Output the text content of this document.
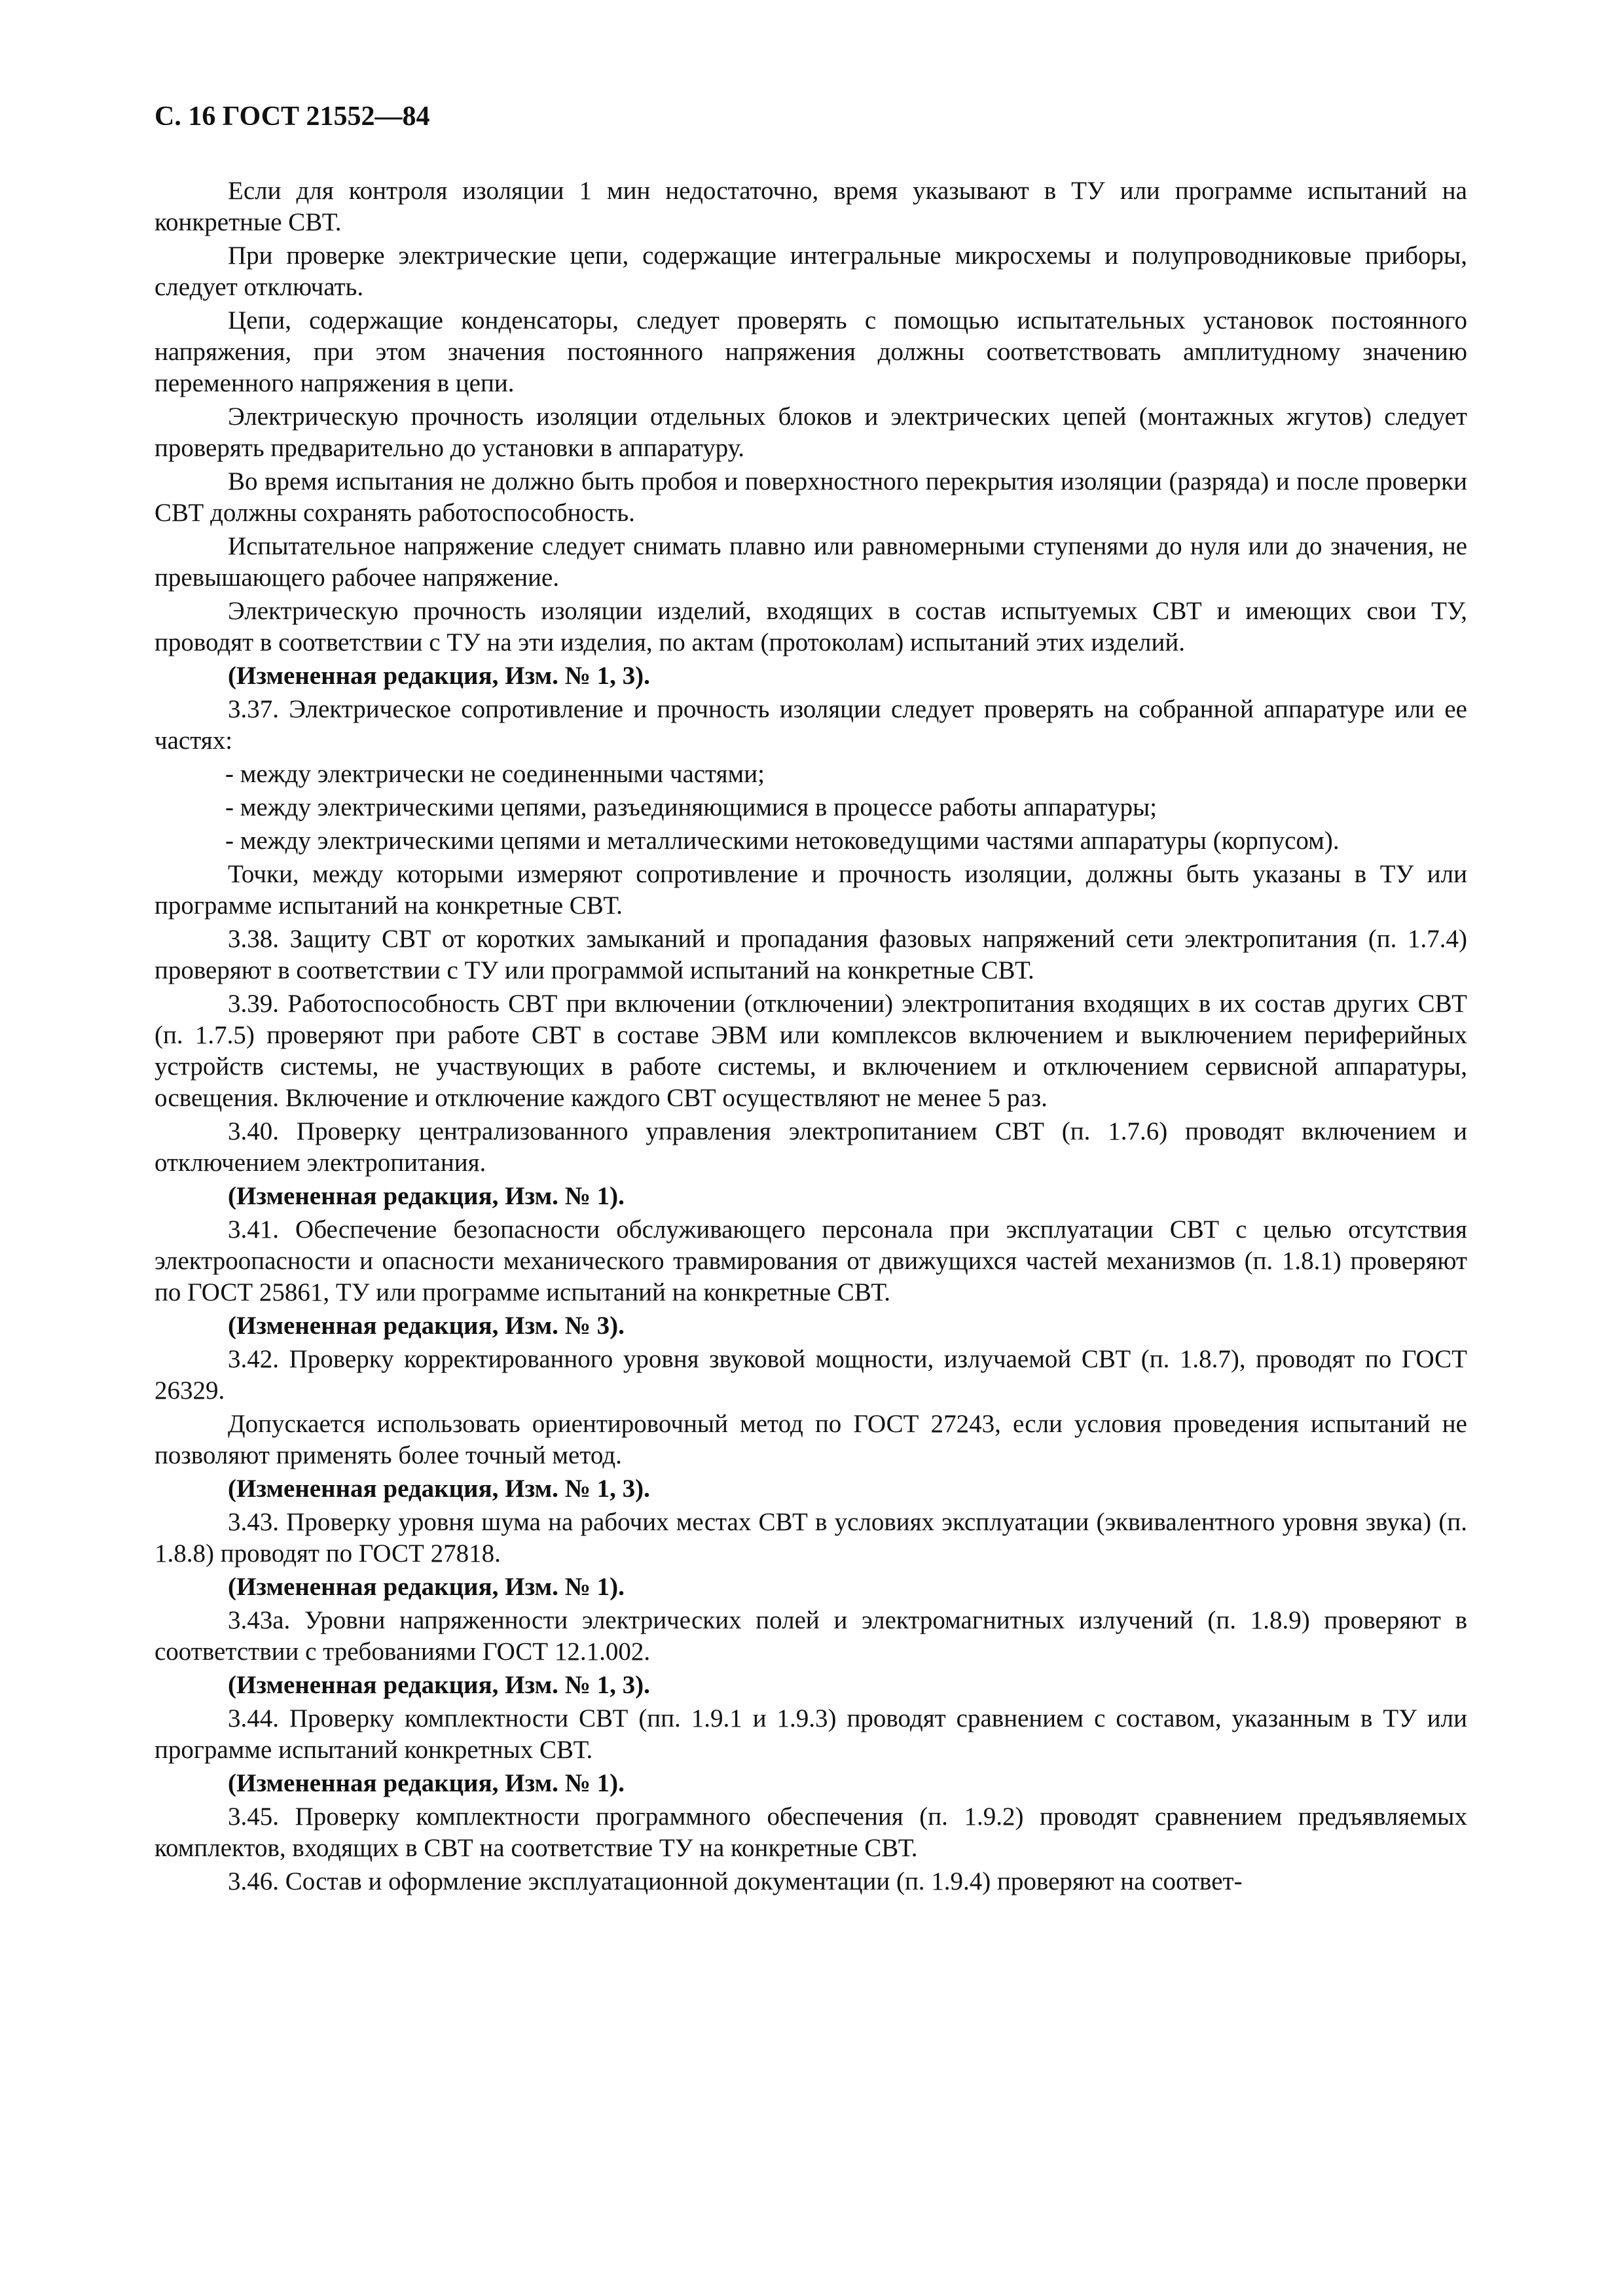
С. 16 ГОСТ 21552—84

Если для контроля изоляции 1 мин недостаточно, время указывают в ТУ или программе испытаний на конкретные СВТ.

При проверке электрические цепи, содержащие интегральные микросхемы и полупроводниковые приборы, следует отключать.

Цепи, содержащие конденсаторы, следует проверять с помощью испытательных установок постоянного напряжения, при этом значения постоянного напряжения должны соответствовать амплитудному значению переменного напряжения в цепи.

Электрическую прочность изоляции отдельных блоков и электрических цепей (монтажных жгутов) следует проверять предварительно до установки в аппаратуру.

Во время испытания не должно быть пробоя и поверхностного перекрытия изоляции (разряда) и после проверки СВТ должны сохранять работоспособность.

Испытательное напряжение следует снимать плавно или равномерными ступенями до нуля или до значения, не превышающего рабочее напряжение.

Электрическую прочность изоляции изделий, входящих в состав испытуемых СВТ и имеющих свои ТУ, проводят в соответствии с ТУ на эти изделия, по актам (протоколам) испытаний этих изделий.

(Измененная редакция, Изм. № 1, 3).

3.37. Электрическое сопротивление и прочность изоляции следует проверять на собранной аппаратуре или ее частях:

- между электрически не соединенными частями;

- между электрическими цепями, разъединяющимися в процессе работы аппаратуры;

- между электрическими цепями и металлическими нетоковедущими частями аппаратуры (корпусом).

Точки, между которыми измеряют сопротивление и прочность изоляции, должны быть указаны в ТУ или программе испытаний на конкретные СВТ.

3.38. Защиту СВТ от коротких замыканий и пропадания фазовых напряжений сети электропитания (п. 1.7.4) проверяют в соответствии с ТУ или программой испытаний на конкретные СВТ.

3.39. Работоспособность СВТ при включении (отключении) электропитания входящих в их состав других СВТ (п. 1.7.5) проверяют при работе СВТ в составе ЭВМ или комплексов включением и выключением периферийных устройств системы, не участвующих в работе системы, и включением и отключением сервисной аппаратуры, освещения. Включение и отключение каждого СВТ осуществляют не менее 5 раз.

3.40. Проверку централизованного управления электропитанием СВТ (п. 1.7.6) проводят включением и отключением электропитания.

(Измененная редакция, Изм. № 1).

3.41. Обеспечение безопасности обслуживающего персонала при эксплуатации СВТ с целью отсутствия электроопасности и опасности механического травмирования от движущихся частей механизмов (п. 1.8.1) проверяют по ГОСТ 25861, ТУ или программе испытаний на конкретные СВТ.

(Измененная редакция, Изм. № 3).

3.42. Проверку корректированного уровня звуковой мощности, излучаемой СВТ (п. 1.8.7), проводят по ГОСТ 26329.

Допускается использовать ориентировочный метод по ГОСТ 27243, если условия проведения испытаний не позволяют применять более точный метод.

(Измененная редакция, Изм. № 1, 3).

3.43. Проверку уровня шума на рабочих местах СВТ в условиях эксплуатации (эквивалентного уровня звука) (п. 1.8.8) проводят по ГОСТ 27818.

(Измененная редакция, Изм. № 1).

3.43а. Уровни напряженности электрических полей и электромагнитных излучений (п. 1.8.9) проверяют в соответствии с требованиями ГОСТ 12.1.002.

(Измененная редакция, Изм. № 1, 3).

3.44. Проверку комплектности СВТ (пп. 1.9.1 и 1.9.3) проводят сравнением с составом, указанным в ТУ или программе испытаний конкретных СВТ.

(Измененная редакция, Изм. № 1).

3.45. Проверку комплектности программного обеспечения (п. 1.9.2) проводят сравнением предъявляемых комплектов, входящих в СВТ на соответствие ТУ на конкретные СВТ.

3.46. Состав и оформление эксплуатационной документации (п. 1.9.4) проверяют на соответ-
